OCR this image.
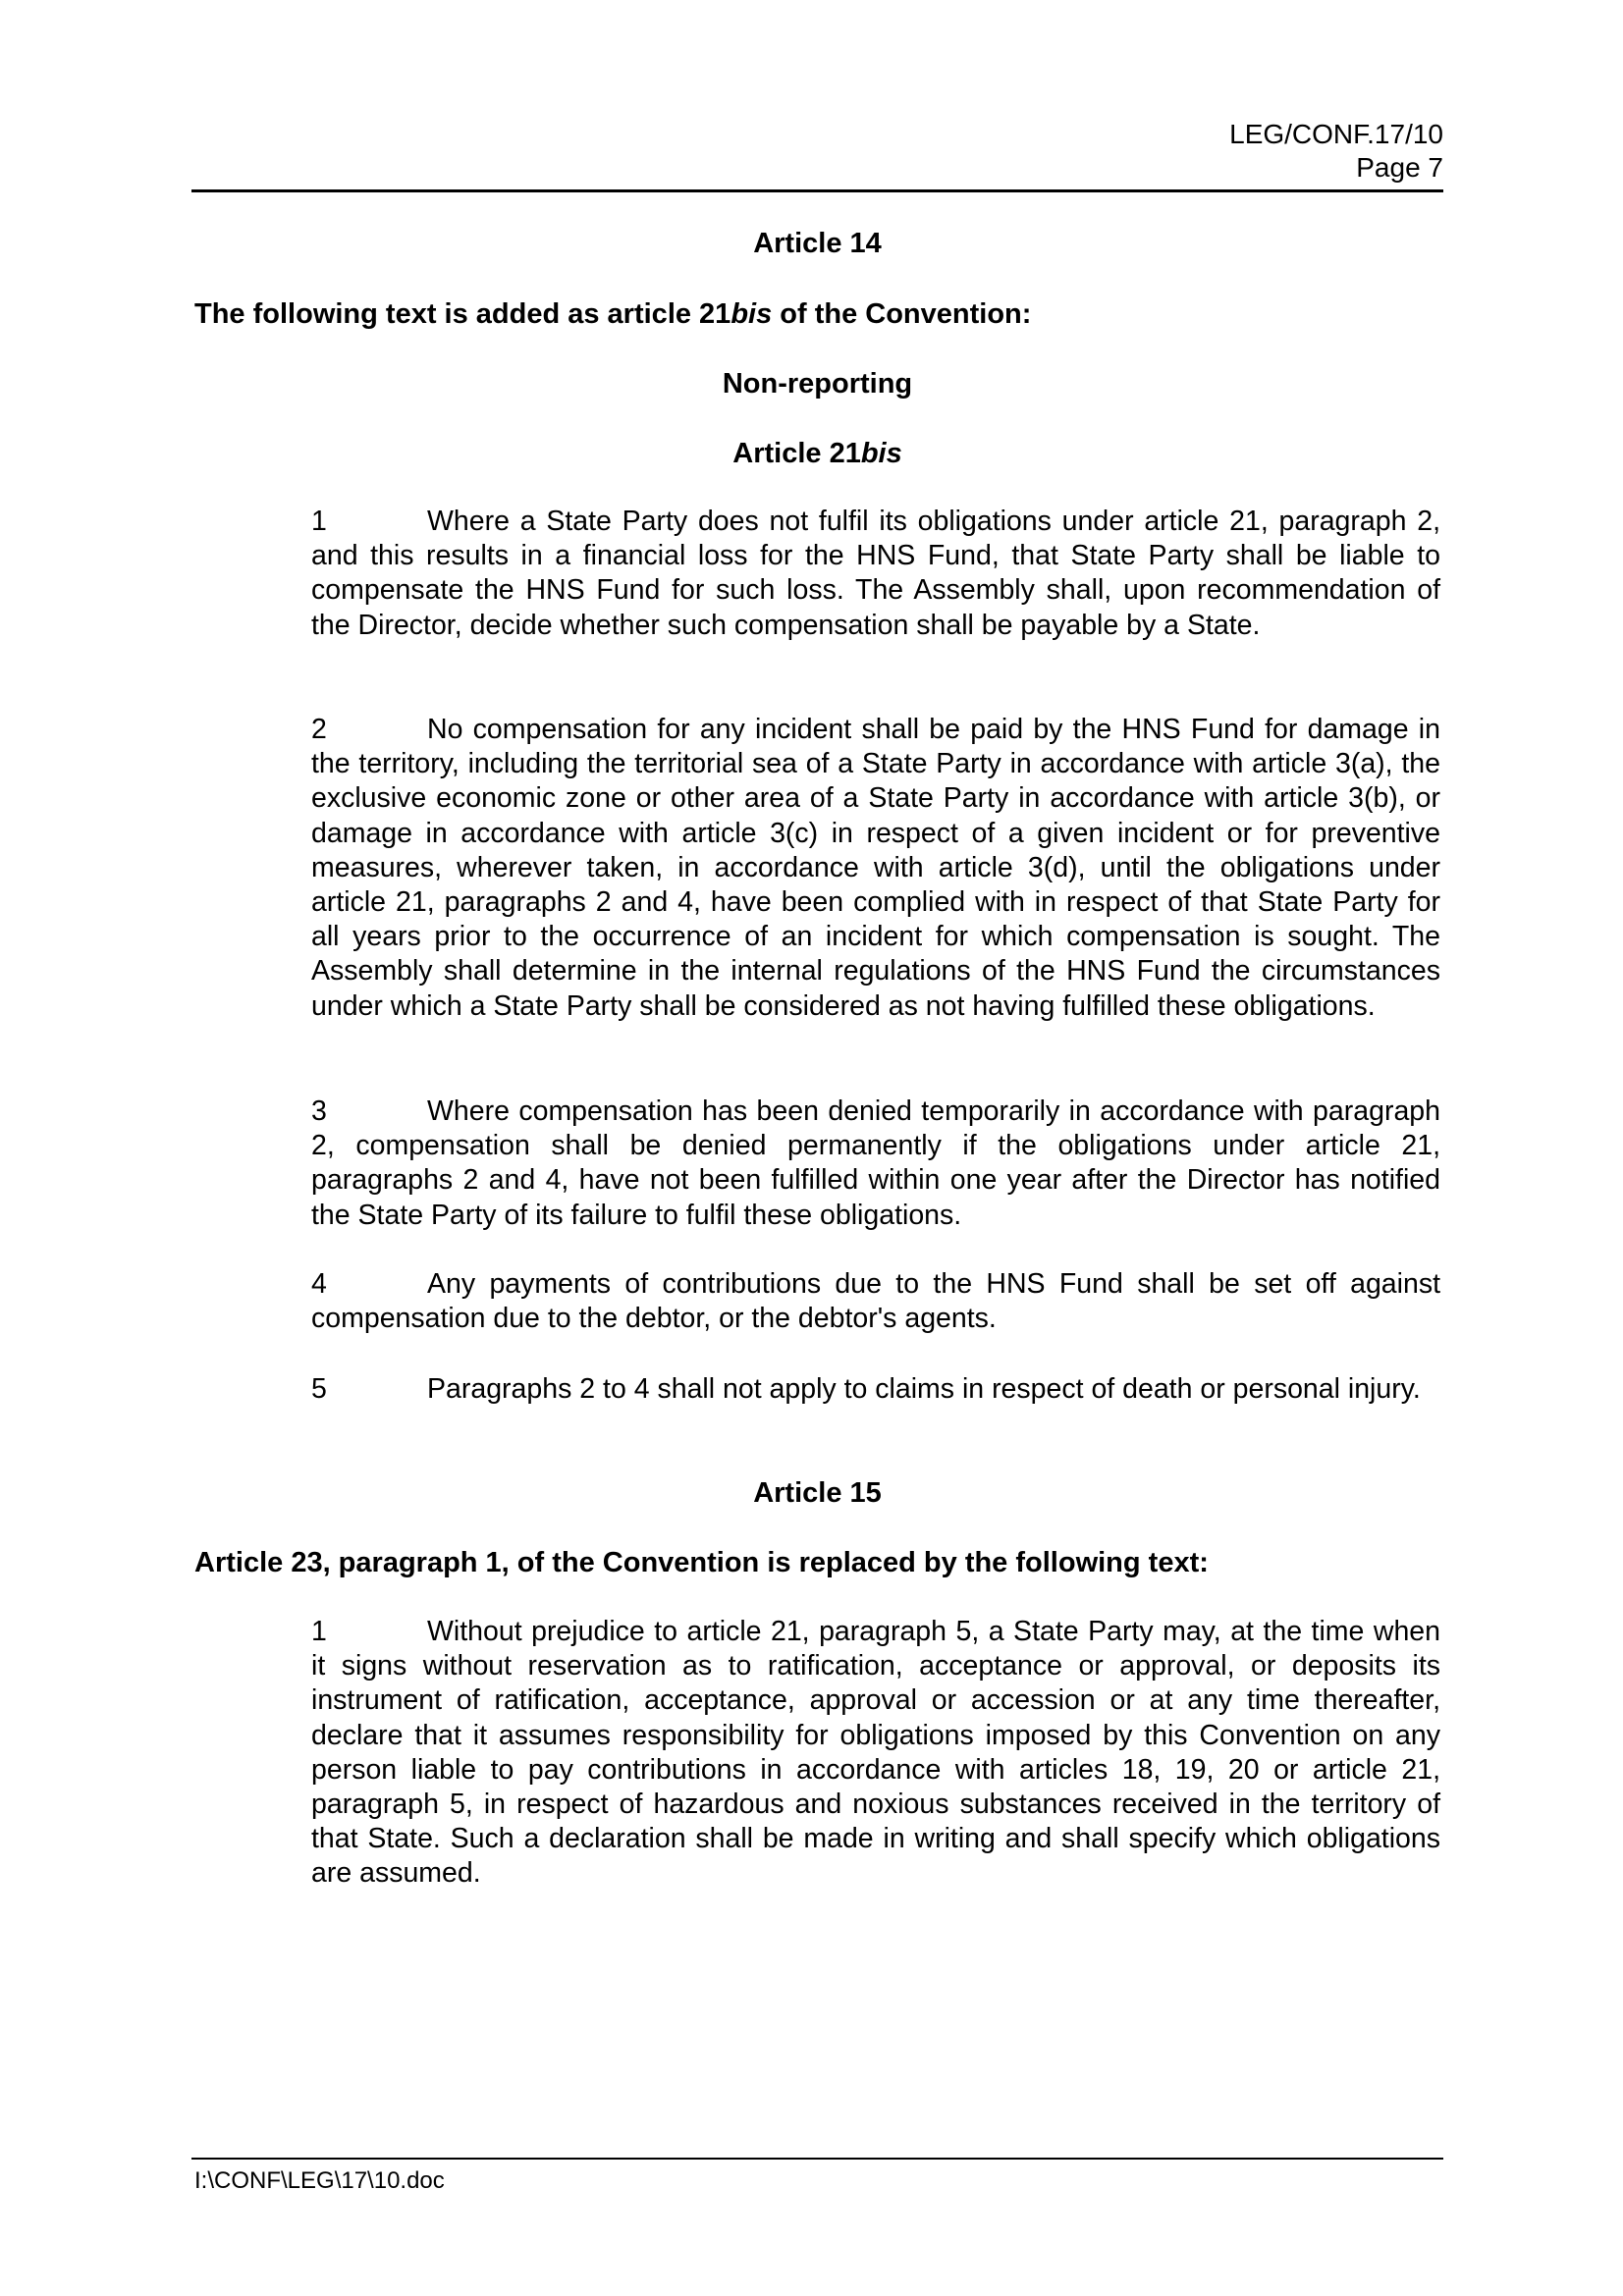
LEG/CONF.17/10
Page 7
Article 14
The following text is added as article 21bis of the Convention:
Non-reporting
Article 21bis
1	Where a State Party does not fulfil its obligations under article 21, paragraph 2, and this results in a financial loss for the HNS Fund, that State Party shall be liable to compensate the HNS Fund for such loss. The Assembly shall, upon recommendation of the Director, decide whether such compensation shall be payable by a State.
2	No compensation for any incident shall be paid by the HNS Fund for damage in the territory, including the territorial sea of a State Party in accordance with article 3(a), the exclusive economic zone or other area of a State Party in accordance with article 3(b), or damage in accordance with article 3(c) in respect of a given incident or for preventive measures, wherever taken, in accordance with article 3(d), until the obligations under article 21, paragraphs 2 and 4, have been complied with in respect of that State Party for all years prior to the occurrence of an incident for which compensation is sought. The Assembly shall determine in the internal regulations of the HNS Fund the circumstances under which a State Party shall be considered as not having fulfilled these obligations.
3	Where compensation has been denied temporarily in accordance with paragraph 2, compensation shall be denied permanently if the obligations under article 21, paragraphs 2 and 4, have not been fulfilled within one year after the Director has notified the State Party of its failure to fulfil these obligations.
4	Any payments of contributions due to the HNS Fund shall be set off against compensation due to the debtor, or the debtor's agents.
5	Paragraphs 2 to 4 shall not apply to claims in respect of death or personal injury.
Article 15
Article 23, paragraph 1, of the Convention is replaced by the following text:
1	Without prejudice to article 21, paragraph 5, a State Party may, at the time when it signs without reservation as to ratification, acceptance or approval, or deposits its instrument of ratification, acceptance, approval or accession or at any time thereafter, declare that it assumes responsibility for obligations imposed by this Convention on any person liable to pay contributions in accordance with articles 18, 19, 20 or article 21, paragraph 5, in respect of hazardous and noxious substances received in the territory of that State. Such a declaration shall be made in writing and shall specify which obligations are assumed.
I:\CONF\LEG\17\10.doc
